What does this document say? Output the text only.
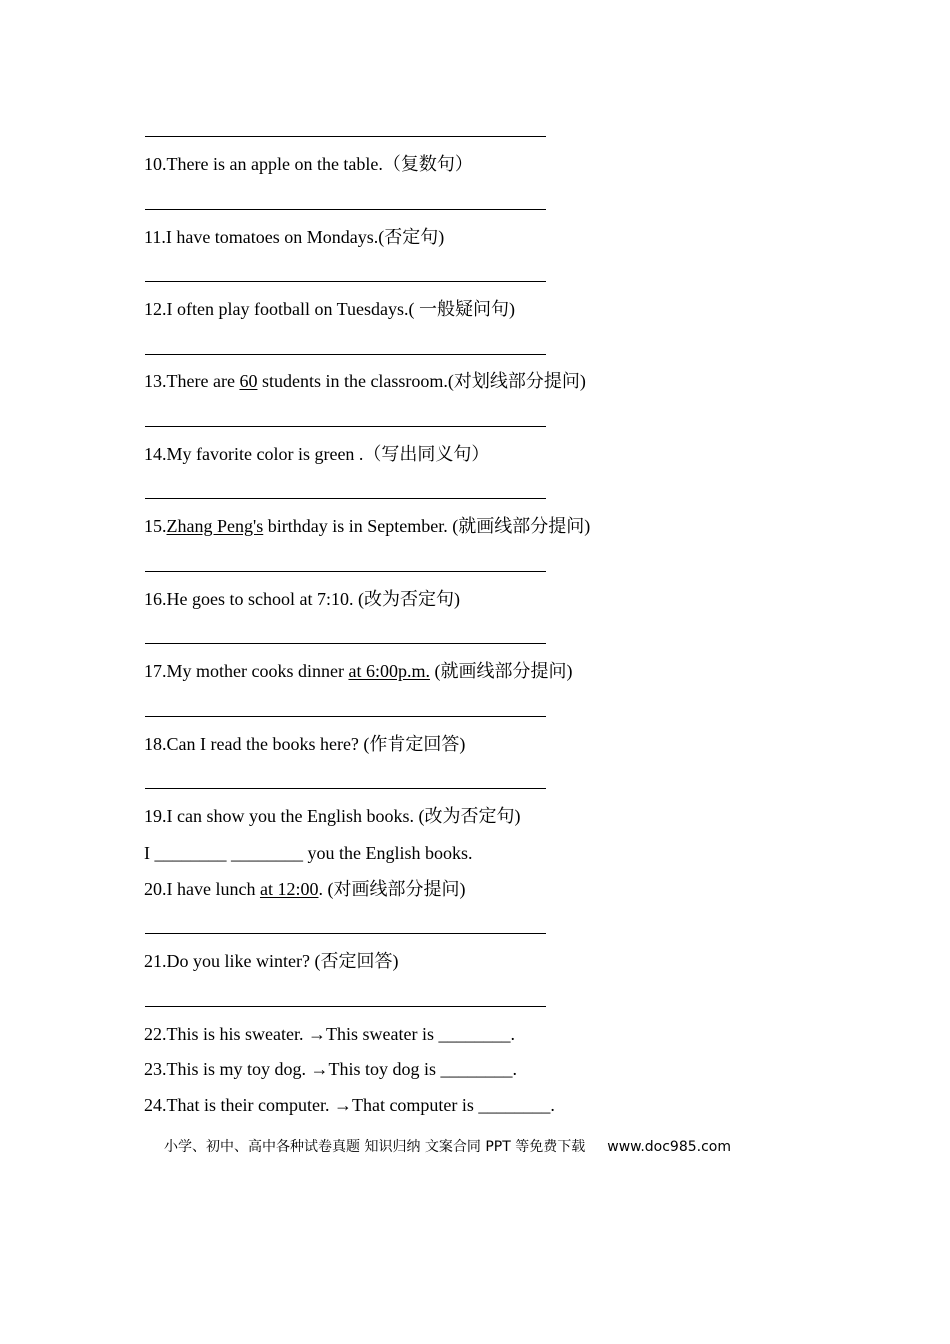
10.There is an apple on the table.（复数句）
11.I have tomatoes on Mondays.(否定句)
12.I often play football on Tuesdays.( 一般疑问句)
13.There are 60 students in the classroom.(对划线部分提问)
14.My favorite color is green .（写出同义句）
15.Zhang Peng's birthday is in September. (就画线部分提问)
16.He goes to school at 7:10. (改为否定句)
17.My mother cooks dinner at 6:00p.m. (就画线部分提问)
18.Can I read the books here? (作肯定回答)
19.I can show you the English books. (改为否定句)
I ________ ________ you the English books.
20.I have lunch at 12:00. (对画线部分提问)
21.Do you like winter? (否定回答)
22.This is his sweater. →This sweater is ________.
23.This is my toy dog. →This toy dog is ________.
24.That is their computer. →That computer is ________.
小学、初中、高中各种试卷真题 知识归纳 文案合同 PPT 等免费下载 www.doc985.com
